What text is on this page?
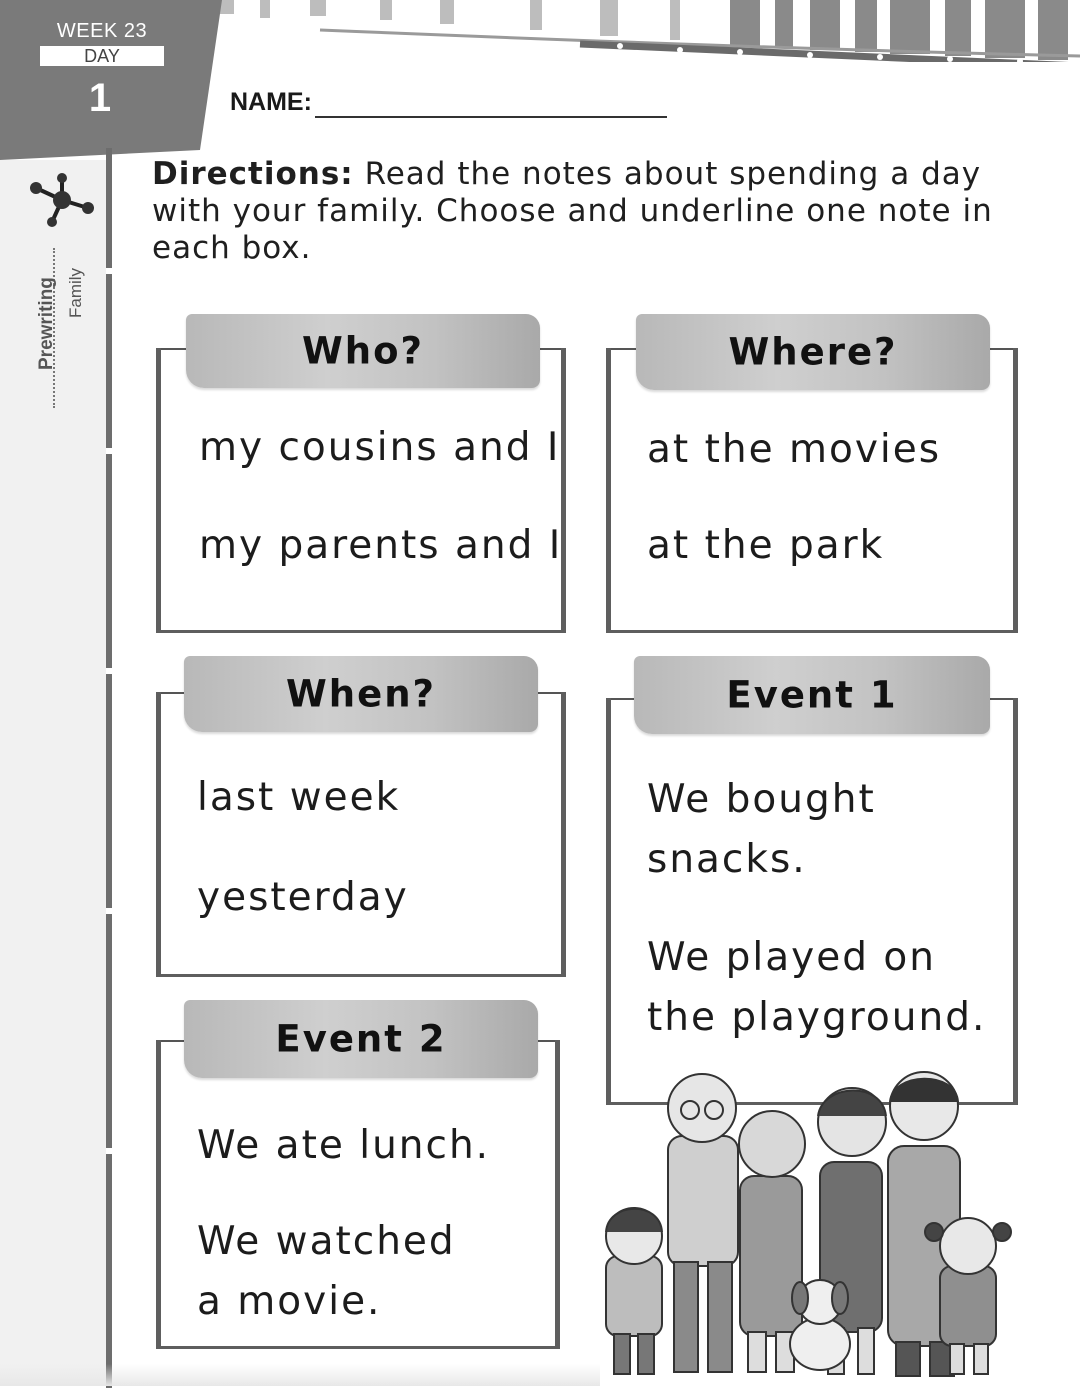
WEEK 23
DAY
1
Prewriting Family
NAME:
Directions: Read the notes about spending a day with your family. Choose and underline one note in each box.
my cousins and I
my parents and I
Who?
at the movies
at the park
Where?
last week
yesterday
When?
We bought
snacks.
We played on
the playground.
Event 1
We ate lunch.
We watched
a movie.
Event 2
